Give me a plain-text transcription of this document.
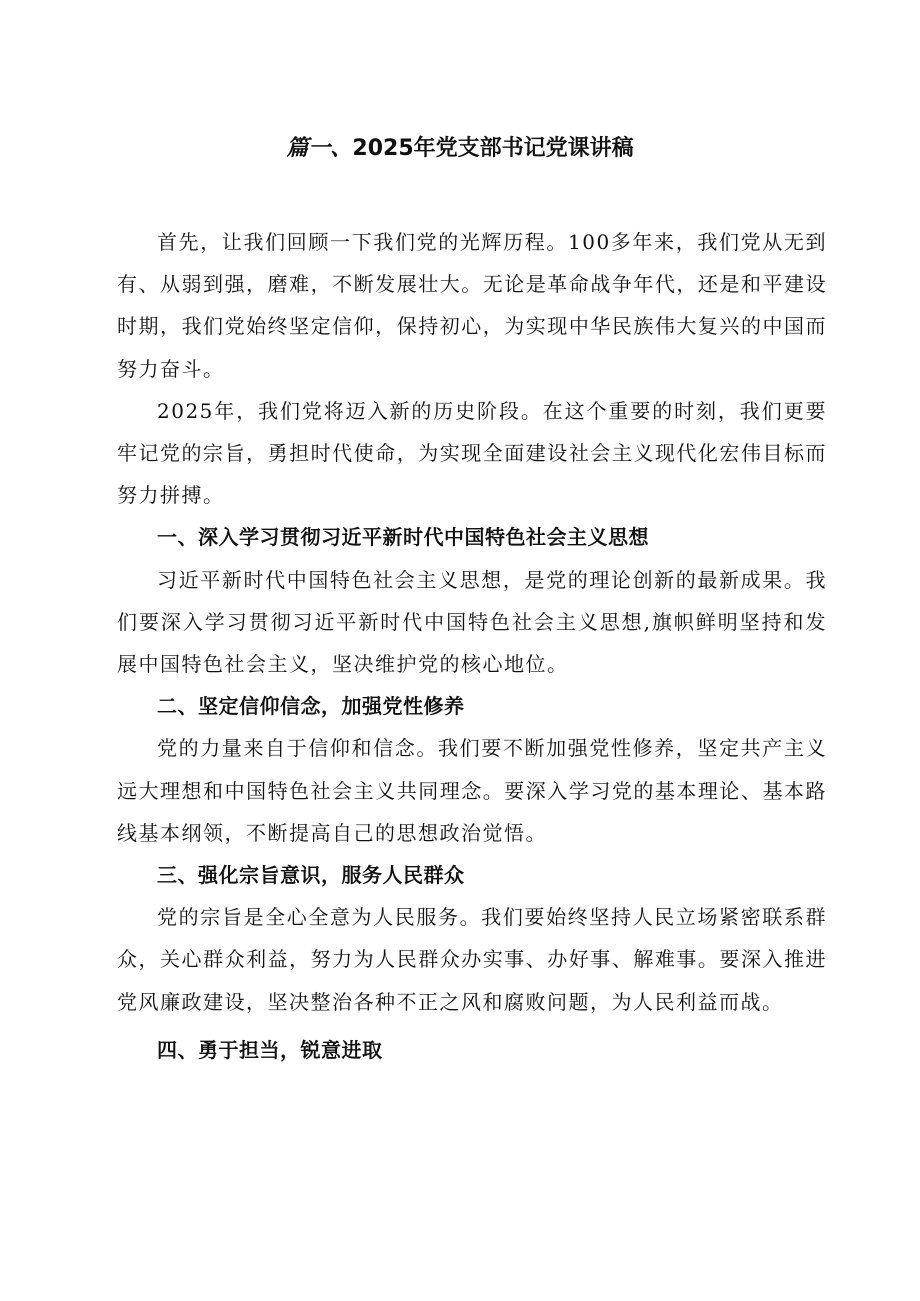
篇一、2025年党支部书记党课讲稿

首先，让我们回顾一下我们党的光辉历程。100多年来，我们党从无到有、从弱到强，磨难，不断发展壮大。无论是革命战争年代，还是和平建设时期，我们党始终坚定信仰，保持初心，为实现中华民族伟大复兴的中国而努力奋斗。

2025年，我们党将迈入新的历史阶段。在这个重要的时刻，我们更要牢记党的宗旨，勇担时代使命，为实现全面建设社会主义现代化宏伟目标而努力拼搏。

一、深入学习贯彻习近平新时代中国特色社会主义思想

习近平新时代中国特色社会主义思想，是党的理论创新的最新成果。我们要深入学习贯彻习近平新时代中国特色社会主义思想,旗帜鲜明坚持和发展中国特色社会主义，坚决维护党的核心地位。

二、坚定信仰信念，加强党性修养

党的力量来自于信仰和信念。我们要不断加强党性修养，坚定共产主义远大理想和中国特色社会主义共同理念。要深入学习党的基本理论、基本路线基本纲领，不断提高自己的思想政治觉悟。

三、强化宗旨意识，服务人民群众

党的宗旨是全心全意为人民服务。我们要始终坚持人民立场紧密联系群众，关心群众利益，努力为人民群众办实事、办好事、解难事。要深入推进党风廉政建设，坚决整治各种不正之风和腐败问题，为人民利益而战。

四、勇于担当，锐意进取
